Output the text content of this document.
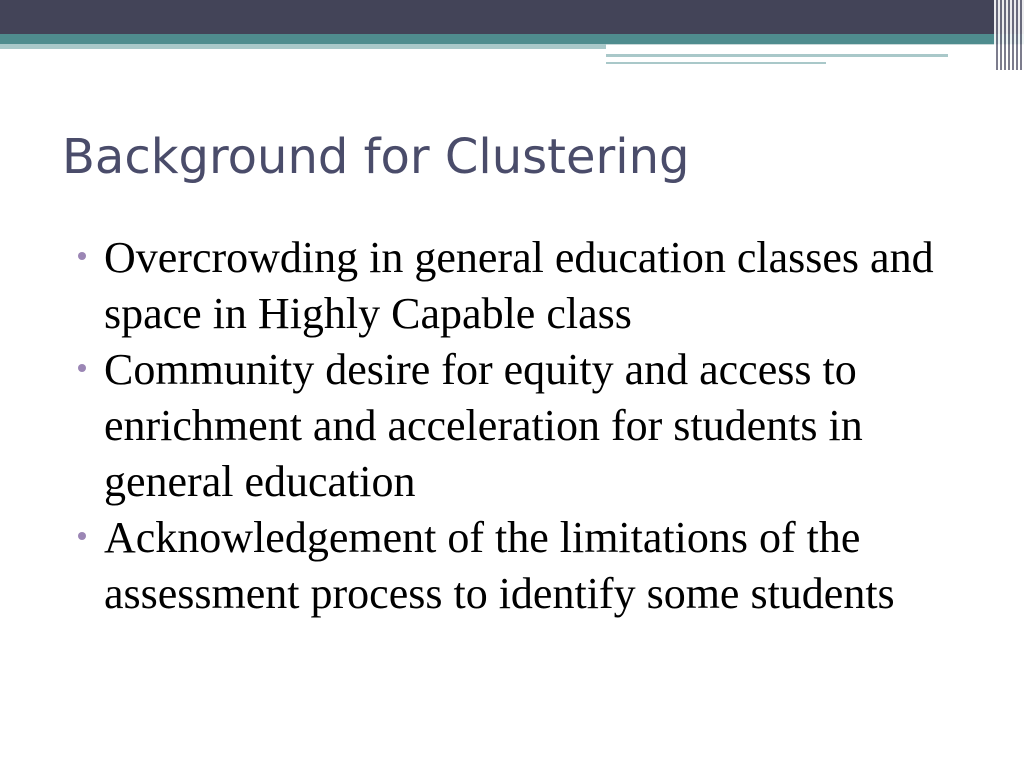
Background for Clustering
Overcrowding in general education classes and space in Highly Capable class
Community desire for equity and access to enrichment and acceleration for students in general education
Acknowledgement of the limitations of the assessment process to identify some students
